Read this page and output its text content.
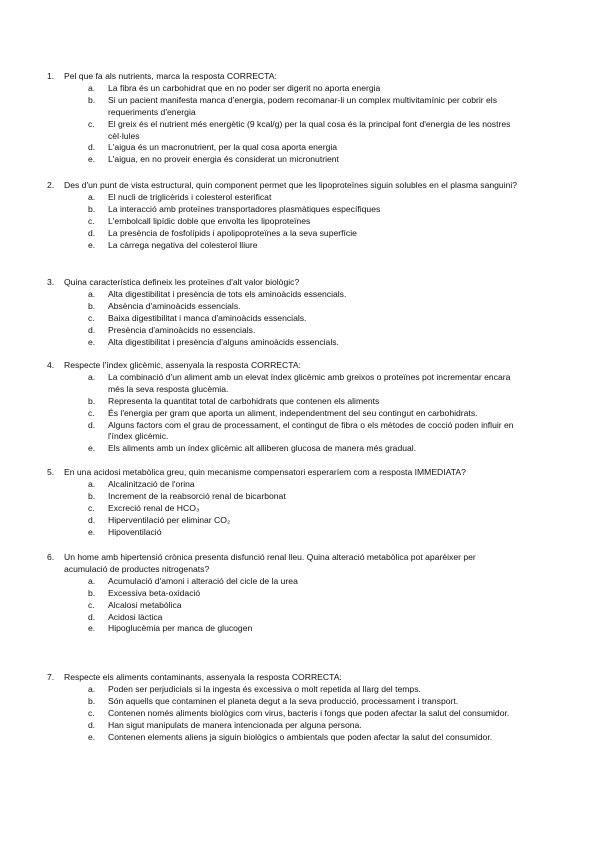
1. Pel que fa als nutrients, marca la resposta CORRECTA:
a. La fibra és un carbohidrat que en no poder ser digerit no aporta energia
b. Si un pacient manifesta manca d'energia, podem recomanar-li un complex multivitamínic per cobrir els requeriments d'energia
c. El greix és el nutrient més energètic (9 kcal/g) per la qual cosa és la principal font d'energia de les nostres cèl·lules
d. L'aigua és un macronutrient, per la qual cosa aporta energia
e. L'aigua, en no proveir energia és considerat un micronutrient
2. Des d'un punt de vista estructural, quin component permet que les lipoproteïnes siguin solubles en el plasma sanguini?
a. El nucli de triglicèrids i colesterol esterificat
b. La interacció amb proteïnes transportadores plasmàtiques específiques
c. L'embolcall lipídic doble que envolta les lipoproteïnes
d. La presència de fosfolípids i apolipoproteïnes a la seva superfície
e. La càrrega negativa del colesterol lliure
3. Quina característica defineix les proteïnes d'alt valor biològic?
a. Alta digestibilitat i presència de tots els aminoàcids essencials.
b. Absència d'aminoàcids essencials.
c. Baixa digestibilitat i manca d'aminoàcids essencials.
d. Presència d'aminoàcids no essencials.
e. Alta digestibilitat i presència d'alguns aminoàcids essencials.
4. Respecte l'índex glicèmic, assenyala la resposta CORRECTA:
a. La combinació d'un aliment amb un elevat índex glicèmic amb greixos o proteïnes pot incrementar encara més la seva resposta glucèmia.
b. Representa la quantitat total de carbohidrats que contenen els aliments
c. És l'energia per gram que aporta un aliment, independentment del seu contingut en carbohidrats.
d. Alguns factors com el grau de processament, el contingut de fibra o els mètodes de cocció poden influir en l'índex glicèmic.
e. Els aliments amb un índex glicèmic alt alliberen glucosa de manera més gradual.
5. En una acidosi metabòlica greu, quin mecanisme compensatori esperaríem com a resposta IMMEDIATA?
a. Alcalinització de l'orina
b. Increment de la reabsorció renal de bicarbonat
c. Excreció renal de HCO₃
d. Hiperventilació per eliminar CO₂
e. Hipoventilació
6. Un home amb hipertensió crònica presenta disfunció renal lleu. Quina alteració metabòlica pot aparèixer per acumulació de productes nitrogenats?
a. Acumulació d'amoni i alteració del cicle de la urea
b. Excessiva beta-oxidació
c. Alcalosi metabòlica
d. Acidosi làctica
e. Hipoglucèmia per manca de glucogen
7. Respecte els aliments contaminants, assenyala la resposta CORRECTA:
a. Poden ser perjudicials si la ingesta és excessiva o molt repetida al llarg del temps.
b. Són aquells que contaminen el planeta degut a la seva producció, processament i transport.
c. Contenen només aliments biològics com virus, bacteris i fongs que poden afectar la salut del consumidor.
d. Han sigut manipulats de manera intencionada per alguna persona.
e. Contenen elements aliens ja siguin biològics o ambientals que poden afectar la salut del consumidor.
